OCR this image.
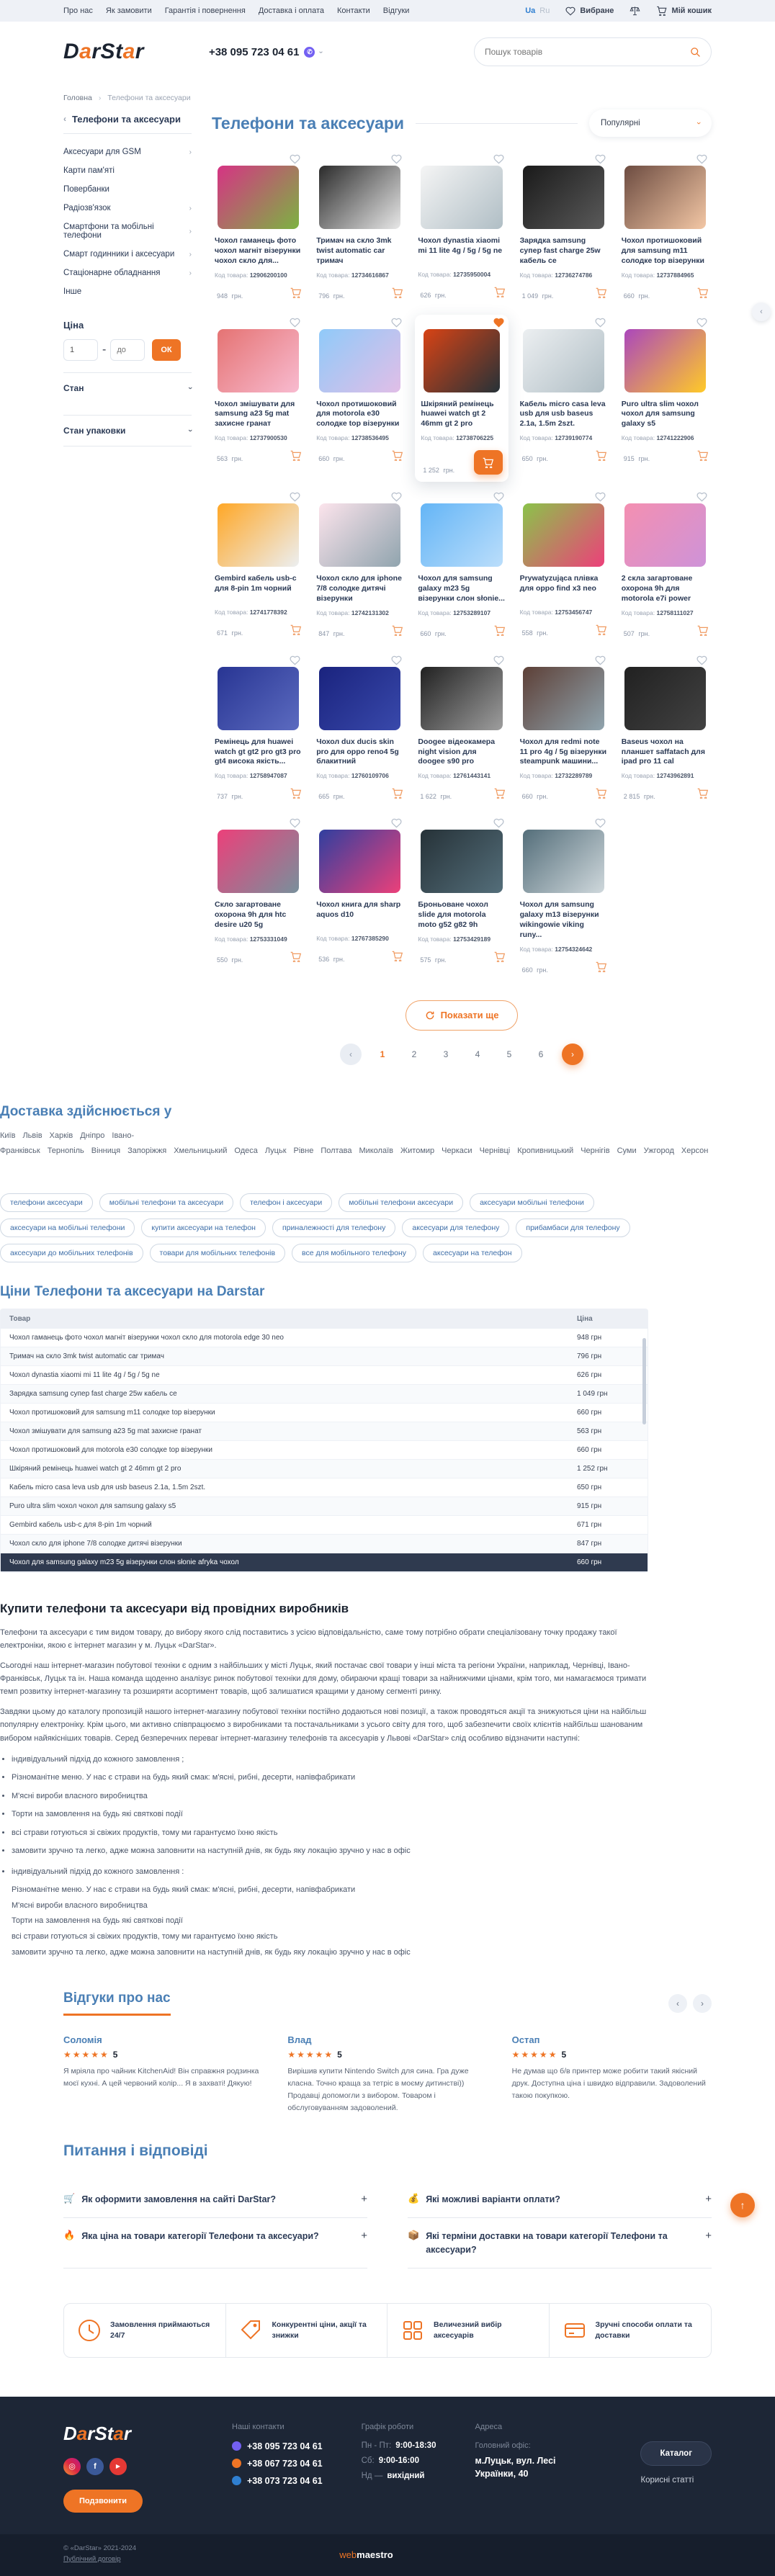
Про нас Як замовити Гарантія і повернення Доставка і оплата Контакти Відгуки	Ua Ru	Вибране	Мій кошик
DarStar	+38 095 723 04 61	✆ ›
Пошук товарів
Головна › Телефони та аксесуари
‹ Телефони та аксесуари
Аксесуари для GSM	›
Карти пам'яті
Повербанки
Радіозв'язок	›
Смартфони та мобільні телефони	›
Смарт годинники і аксесуари ›
Стаціонарне обладнання	›
Інше
Ціна
1
-
до	ОК
Стан	›
Стан упаковки	›
Телефони та аксесуари	Популярні	›
Чохол гаманець фото чохол магніт візерунки чохол скло для...
Код товара: 12906200100
948 грн.
Тримач на скло 3mk twist automatic car тримач
Код товара: 12734616867
796 грн.
Чохол dynastia xiaomi mi 11 lite 4g / 5g / 5g ne
Код товара: 12735950004
626 грн.
Зарядка samsung супер fast charge 25w кабель се
Код товара: 12736274786
1 049 грн.
Чохол протишоковий для samsung m11 солодке top візерунки
Код товара: 12737884965
660 грн.
Чохол змішувати для samsung a23 5g mat захисне гранат
Код товара: 12737900530
563 грн.
Чохол протишоковий для motorola e30 солодке top візерунки
Код товара: 12738536495
660 грн.
Шкіряний ремінець huawei watch gt 2 46mm gt 2 pro
Код товара: 12738706225
1 252 грн.
Кабель micro casa leva usb для usb baseus 2.1a, 1.5m 2szt.
Код товара: 12739190774
650 грн.
Puro ultra slim чохол чохол для samsung galaxy s5
Код товара: 12741222906
915 грн.
Gembird кабель usb-c для 8-pin 1m чорний
Код товара: 12741778392
671 грн.
Чохол скло для iphone 7/8 солодке дитячі візерунки
Код товара: 12742131302
847 грн.
Чохол для samsung galaxy m23 5g візерунки слон słonie...
Код товара: 12753289107
660 грн.
Prywatyzująca плівка для oppo find x3 neo
Код товара: 12753456747
558 грн.
2 скла загартоване охорона 9h для motorola e7i power
Код товара: 12758111027
507 грн.
Ремінець для huawei watch gt gt2 pro gt3 pro gt4 висока якість...
Код товара: 12758947087
737 грн.
Чохол dux ducis skin pro для oppo reno4 5g блакитний
Код товара: 12760109706
665 грн.
Doogee відеокамера night vision для doogee s90 pro
Код товара: 12761443141
1 622 грн.
Чохол для redmi note 11 pro 4g / 5g візерунки steampunk машини...
Код товара: 12732289789
660 грн.
Baseus чохол на планшет saffatach для ipad pro 11 cal
Код товара: 12743962891
2 815 грн.
Скло загартоване охорона 9h для htc desire u20 5g
Код товара: 12753331049
550 грн.
Чохол книга для sharp aquos d10
Код товара: 12767385290
536 грн.
Броньоване чохол slide для motorola moto g52 g82 9h
Код товара: 12753429189
575 грн.
Чохол для samsung galaxy m13 візерунки wikingowie viking runy...
Код товара: 12754324642
660 грн.
Показати ще
‹	1	2	3	4	5	6	›
Доставка здійснюється у
Київ Львів Харків Дніпро Івано-Франківськ Тернопіль Вінниця Запоріжжя Хмельницький Одеса Луцьк Рівне Полтава Миколаїв Житомир Черкаси Чернівці Кропивницький Чернігів Суми Ужгород Херсон
телефони аксесуари	мобільні телефони та аксесуари	телефон і аксесуари	мобільні телефони аксесуари	аксесуари мобільні телефони
аксесуари на мобільні телефони	купити аксесуари на телефон	приналежності для телефону	аксесуари для телефону	прибамбаси для телефону
аксесуари до мобільних телефонів	товари для мобільних телефонів	все для мобільного телефону	аксесуари на телефон
Ціни Телефони та аксесуари на Darstar
Товар	Ціна
Чохол гаманець фото чохол магніт візерунки чохол скло для motorola edge 30 neo	948 грн
Тримач на скло 3mk twist automatic car тримач	796 грн
Чохол dynastia xiaomi mi 11 lite 4g / 5g / 5g ne	626 грн
Зарядка samsung супер fast charge 25w кабель се	1 049 грн
Чохол протишоковий для samsung m11 солодке top візерунки	660 грн
Чохол змішувати для samsung a23 5g mat захисне гранат	563 грн
Чохол протишоковий для motorola e30 солодке top візерунки	660 грн
Шкіряний ремінець huawei watch gt 2 46mm gt 2 pro	1 252 грн
Кабель micro casa leva usb для usb baseus 2.1a, 1.5m 2szt.	650 грн
Puro ultra slim чохол чохол для samsung galaxy s5	915 грн
Gembird кабель usb-c для 8-pin 1m чорний	671 грн
Чохол скло для iphone 7/8 солодке дитячі візерунки	847 грн
Чохол для samsung galaxy m23 5g візерунки слон słonie afryka чохол	660 грн
Купити телефони та аксесуари від провідних виробників

Телефони та аксесуари є тим видом товару, до вибору якого слід поставитись з усією відповідальністю, саме тому потрібно обрати спеціалізовану точку продажу такої електроніки, якою є інтернет магазин у м. Луцьк «DarStar».

Сьогодні наш інтернет-магазин побутової техніки є одним з найбільших у місті Луцьк, який постачає свої товари у інші міста та регіони України, наприклад, Чернівці, Івано-Франківськ, Луцьк та ін. Наша команда щоденно аналізує ринок побутової техніки для дому, обираючи кращі товари за найнижчими цінами, крім того, ми намагаємося тримати темп розвитку інтернет-магазину та розширяти асортимент товарів, щоб залишатися кращими у даному сегменті ринку.

Завдяки цьому до каталогу пропозицій нашого інтернет-магазину побутової техніки постійно додаються нові позиції, а також проводяться акції та знижуються ціни на найбільш популярну електроніку. Крім цього, ми активно співпрацюємо з виробниками та постачальниками з усього світу для того, щоб забезпечити своїх клієнтів найбільш шанованим вибором найякісніших товарів. Серед безперечних переваг інтернет-магазину телефонів та аксесуарів у Львові «DarStar» слід особливо відзначити наступні:

• індивідуальний підхід до кожного замовлення ;
• Різноманітне меню. У нас є страви на будь який смак: м'ясні, рибні, десерти, напівфабрикати
• М'ясні вироби власного виробництва
• Торти на замовлення на будь які святкові події
• всі страви готуються зі свіжих продуктів, тому ми гарантуємо їхню якість
• замовити зручно та легко, адже можна заповнити на наступній днів, як будь яку локацію зручно у нас в офіс
• індивідуальний підхід до кожного замовлення :
Різноманітне меню. У нас є страви на будь який смак: м'ясні, рибні, десерти, напівфабрикати
М'ясні вироби власного виробництва
Торти на замовлення на будь які святкові події
всі страви готуються зі свіжих продуктів, тому ми гарантуємо їхню якість
замовити зручно та легко, адже можна заповнити на наступній днів, як будь яку локацію зручно у нас в офіс
Відгуки про нас	‹	›
Соломія
★★★★★ 5
Я мріяла про чайник KitchenAid! Він справжня родзинка моєї кухні. А цей червоний колір... Я в захваті! Дякую!
Влад
★★★★★ 5
Вирішив купити Nintendo Switch для сина. Гра дуже класна. Точно краща за тетріс в моєму дитинстві)) Продавці допомогли з вибором. Товаром і обслуговуванням задоволений.
Остап
★★★★★ 5
Не думав що б/в принтер може робити такий якісний друк. Доступна ціна і швидко відправили. Задоволений такою покупкою.
Питання і відповіді
🛒 Як оформити замовлення на сайті DarStar?	+	💰 Які можливі варіанти оплати?	+
🔥 Яка ціна на товари категорії Телефони та аксесуари?	+	📦 Які терміни доставки на товари категорії Телефони та аксесуари?
+
Замовлення приймаються 24/7
Конкурентні ціни, акції та знижки
Величезний вибір аксесуарів
Зручні способи оплати та доставки
DarStar
◎	f	▶
Подзвонити
Наші контакти
+38 095 723 04 61
+38 067 723 04 61
+38 073 723 04 61
Графік роботи
Пн - Пт: 9:00-18:30
Сб: 9:00-16:00
Нд — вихідний
Адреса
Головний офіс:
м.Луцьк, вул. Лесі Українки, 40
Каталог
Корисні статті
© «DarStar» 2021-2024
Публічний договір	webmaestro
↑
‹
